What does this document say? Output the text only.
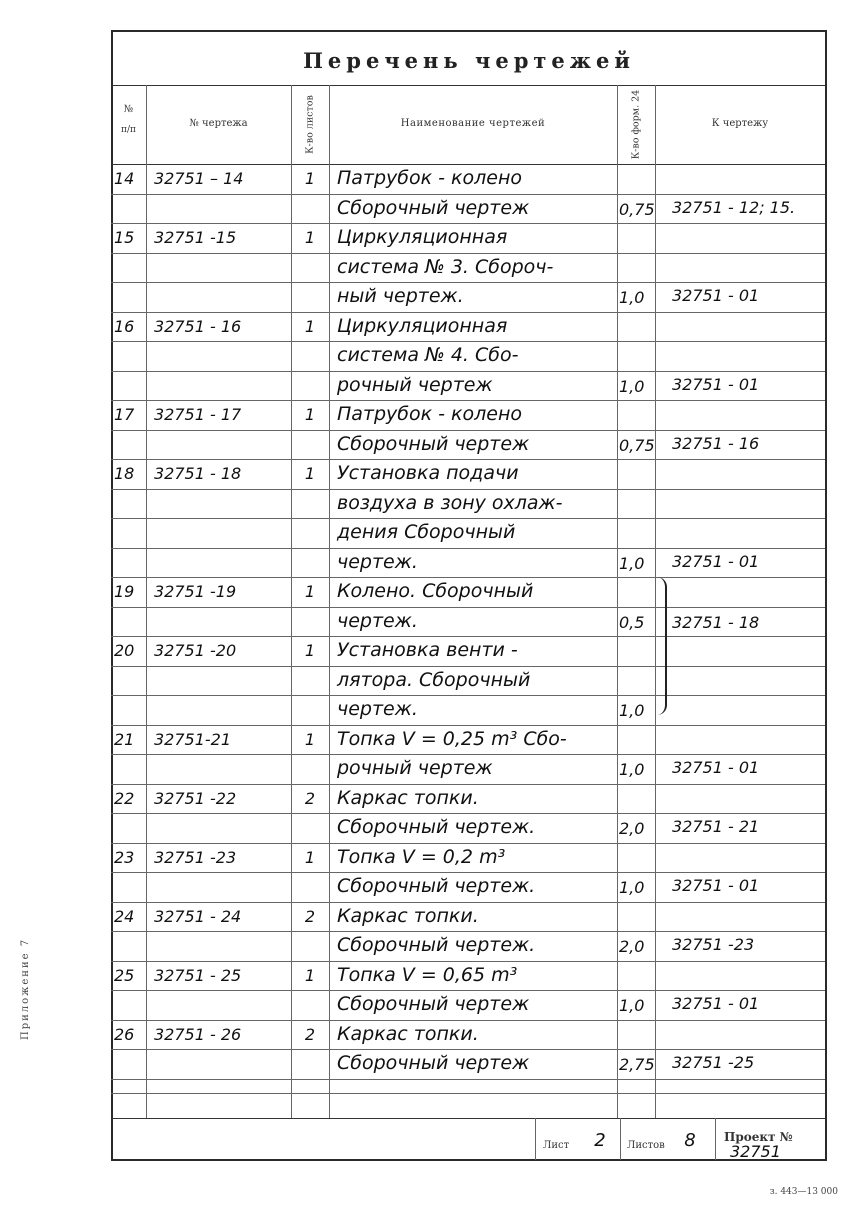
Перечень чертежей
№
п/п
№ чертежа	К-во листов	Наименование чертежей	К-во форм. 24	К чертежу
14	32751 – 14	1	Патрубок - колено
Сборочный чертеж	0,75 32751 - 12; 15.
15	32751 -15	1	Циркуляционная
система № 3. Сбороч-
ный чертеж.	1,0	32751 - 01
16	32751 - 16	1	Циркуляционная
система № 4. Сбо-
рочный чертеж	1,0	32751 - 01
17	32751 - 17	1	Патрубок - колено
Сборочный чертеж	0,75 32751 - 16
18	32751 - 18	1	Установка подачи
воздуха в зону охлаж-
дения Сборочный
чертеж.	1,0	32751 - 01
19	32751 -19	1	Колено. Сборочный
чертеж.	0,5	32751 - 18
20	32751 -20	1	Установка венти -
лятора. Сборочный
чертеж.	1,0
21	32751-21	1	Топка V = 0,25 m³ Сбо-
рочный чертеж	1,0	32751 - 01
22	32751 -22	2	Каркас топки.
Сборочный чертеж.	2,0	32751 - 21
23	32751 -23	1	Топка V = 0,2 m³
Сборочный чертеж.	1,0	32751 - 01
24	32751 - 24	2	Каркас топки.
Сборочный чертеж.	2,0	32751 -23
25	32751 - 25	1	Топка V = 0,65 m³
Сборочный чертеж	1,0	32751 - 01
26	32751 - 26	2	Каркас топки.
Сборочный чертеж	2,75 32751 -25
Лист	2	Листов	8	Проект №
32751
Приложение 7
з. 443—13 000
